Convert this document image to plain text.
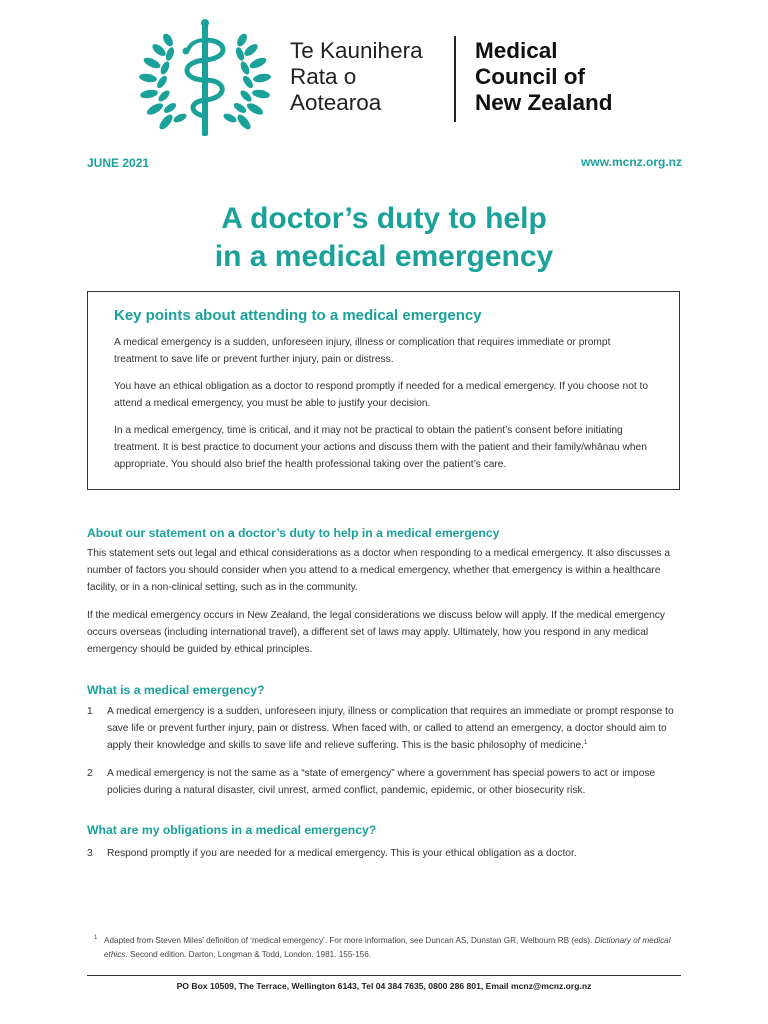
Te Kaunihera
Rata o
Aotearoa
Medical
Council of
New Zealand
JUNE 2021	www.mcnz.org.nz
A doctor’s duty to help
in a medical emergency
Key points about attending to a medical emergency

A medical emergency is a sudden, unforeseen injury, illness or complication that requires immediate or prompt treatment to save life or prevent further injury, pain or distress.

You have an ethical obligation as a doctor to respond promptly if needed for a medical emergency. If you choose not to attend a medical emergency, you must be able to justify your decision.

In a medical emergency, time is critical, and it may not be practical to obtain the patient’s consent before initiating treatment. It is best practice to document your actions and discuss them with the patient and their family/whānau when appropriate. You should also brief the health professional taking over the patient’s care.

About our statement on a doctor’s duty to help in a medical emergency

This statement sets out legal and ethical considerations as a doctor when responding to a medical emergency. It also discusses a number of factors you should consider when you attend to a medical emergency, whether that emergency is within a healthcare facility, or in a non-clinical setting, such as in the community.

If the medical emergency occurs in New Zealand, the legal considerations we discuss below will apply. If the medical emergency occurs overseas (including international travel), a different set of laws may apply. Ultimately, how you respond in any medical emergency should be guided by ethical principles.

What is a medical emergency?
1 A medical emergency is a sudden, unforeseen injury, illness or complication that requires an immediate or prompt response to save life or prevent further injury, pain or distress. When faced with, or called to attend an emergency, a doctor should aim to apply their knowledge and skills to save life and relieve suffering. This is the basic philosophy of medicine.$^1$
2 A medical emergency is not the same as a “state of emergency” where a government has special powers to act or impose policies during a natural disaster, civil unrest, armed conflict, pandemic, epidemic, or other biosecurity risk.
What are my obligations in a medical emergency?
3 Respond promptly if you are needed for a medical emergency. This is your ethical obligation as a doctor.
1 Adapted from Steven Miles’ definition of ‘medical emergency’. For more information, see Duncan AS, Dunstan GR, Welbourn RB (eds). Dictionary of medical ethics. Second edition. Darton, Longman & Todd, London. 1981. 155-156.
PO Box 10509, The Terrace, Wellington 6143, Tel 04 384 7635, 0800 286 801, Email mcnz@mcnz.org.nz
